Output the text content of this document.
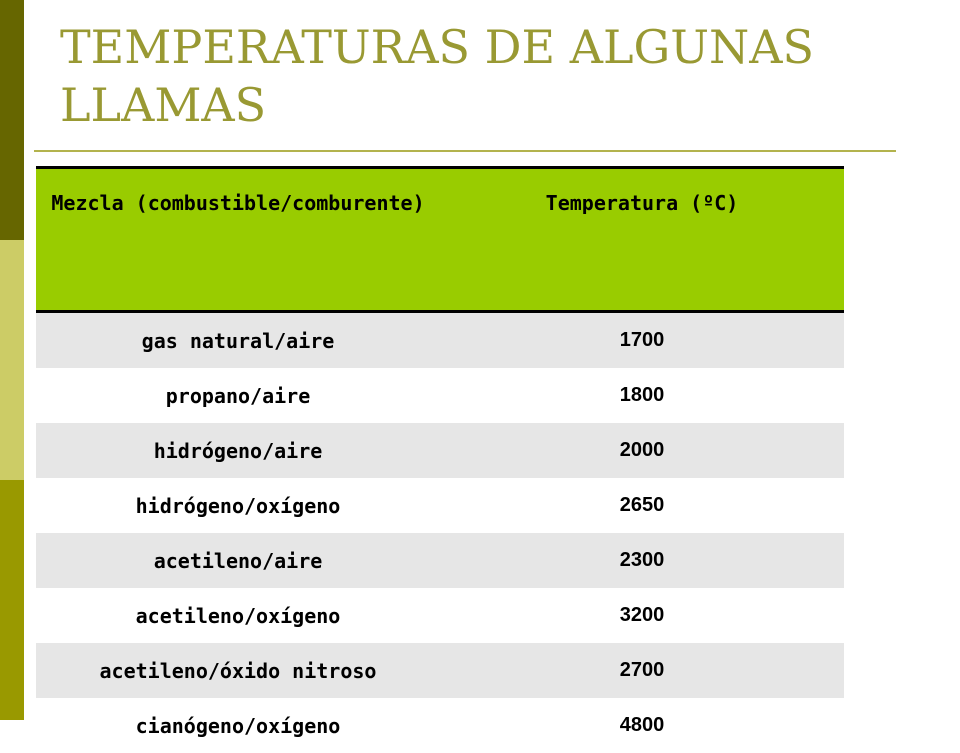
TEMPERATURAS DE ALGUNAS LLAMAS
Mezcla (combustible/comburente)	Temperatura (ºC)
gas natural/aire	1700
propano/aire	1800
hidrógeno/aire	2000
hidrógeno/oxígeno	2650
acetileno/aire	2300
acetileno/oxígeno	3200
acetileno/óxido nitroso	2700
cianógeno/oxígeno	4800
